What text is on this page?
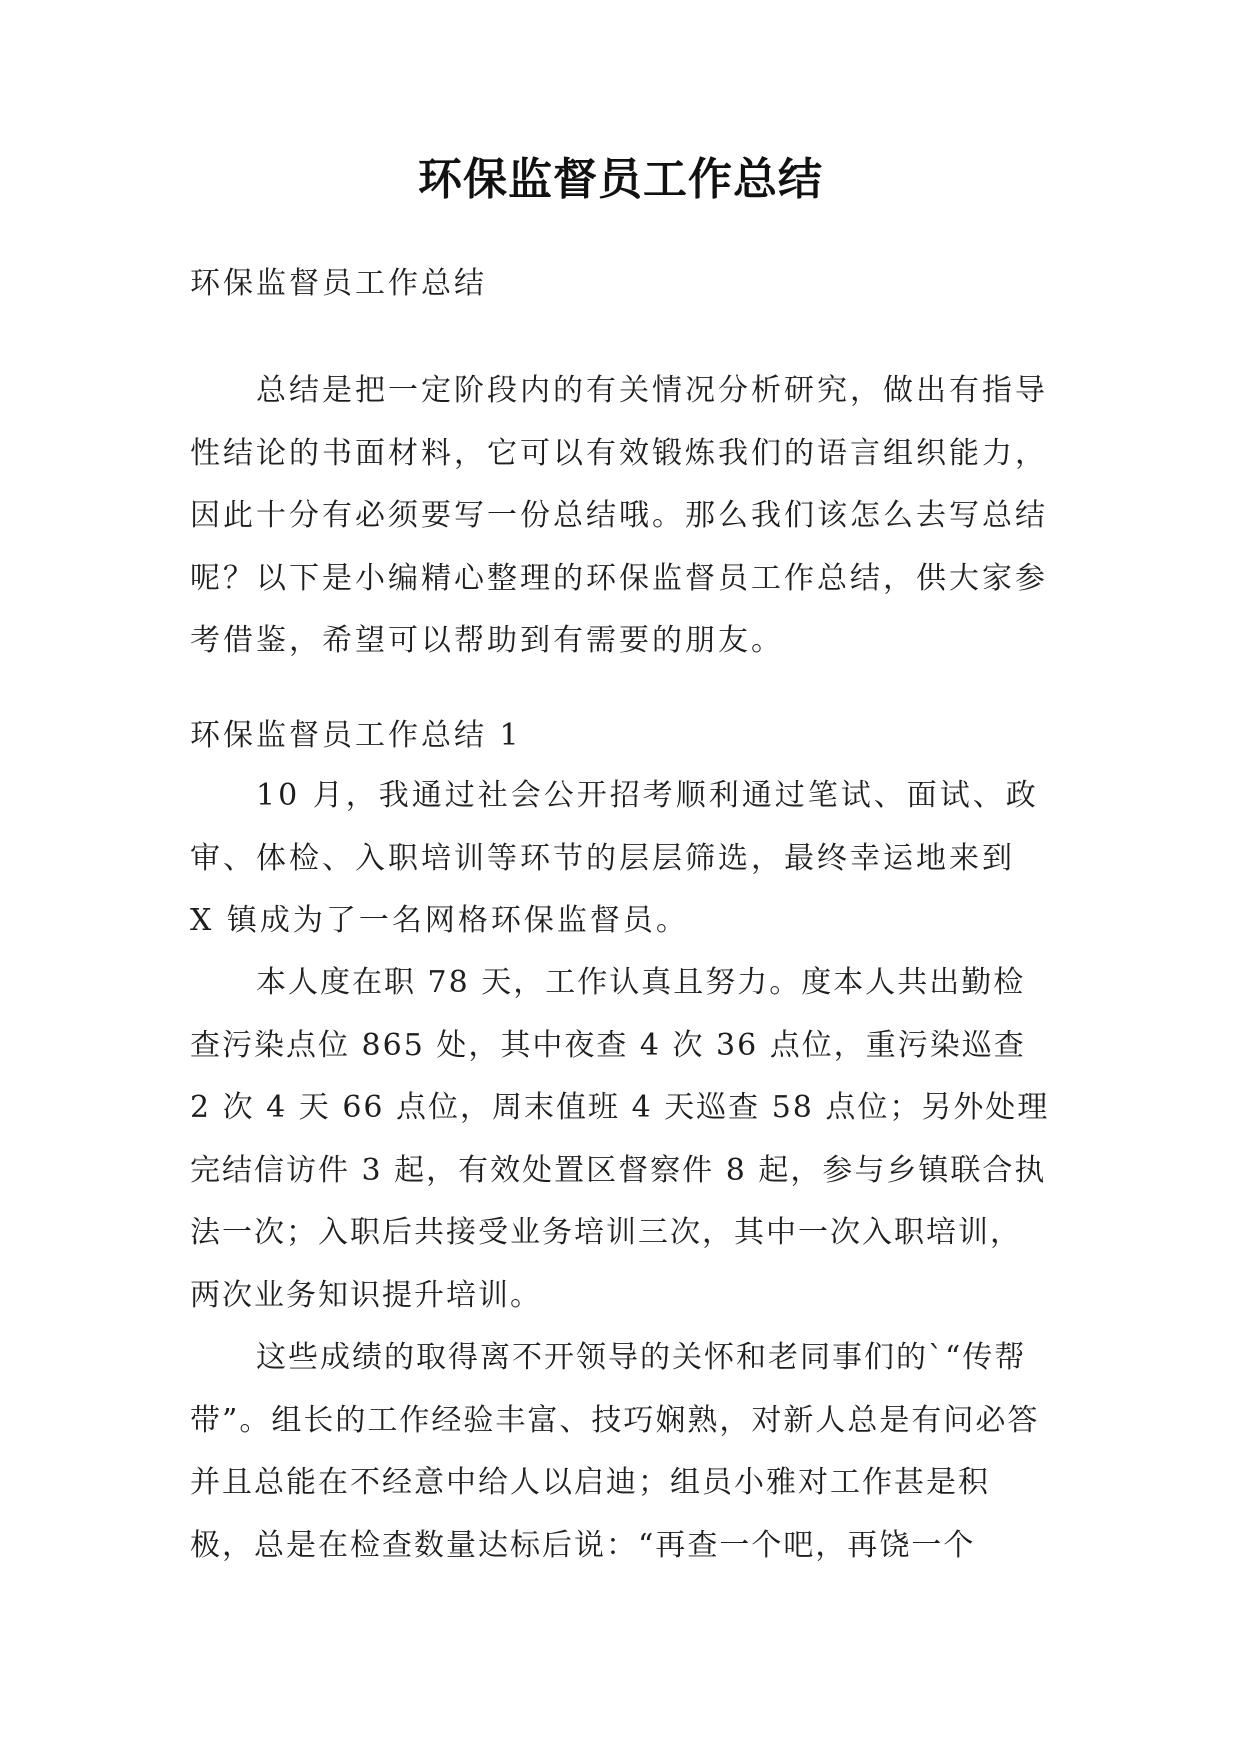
环保监督员工作总结

环保监督员工作总结

总结是把一定阶段内的有关情况分析研究，做出有指导性结论的书面材料，它可以有效锻炼我们的语言组织能力，因此十分有必须要写一份总结哦。那么我们该怎么去写总结呢？以下是小编精心整理的环保监督员工作总结，供大家参考借鉴，希望可以帮助到有需要的朋友。

环保监督员工作总结 1

10 月，我通过社会公开招考顺利通过笔试、面试、政审、体检、入职培训等环节的层层筛选，最终幸运地来到 X 镇成为了一名网格环保监督员。

本人度在职 78 天，工作认真且努力。度本人共出勤检查污染点位 865 处，其中夜查 4 次 36 点位，重污染巡查 2 次 4 天 66 点位，周末值班 4 天巡查 58 点位；另外处理完结信访件 3 起，有效处置区督察件 8 起，参与乡镇联合执法一次；入职后共接受业务培训三次，其中一次入职培训，两次业务知识提升培训。

这些成绩的取得离不开领导的关怀和老同事们的`“传帮带”。组长的工作经验丰富、技巧娴熟，对新人总是有问必答并且总能在不经意中给人以启迪；组员小雅对工作甚是积极，总是在检查数量达标后说：“再查一个吧，再饶一个
